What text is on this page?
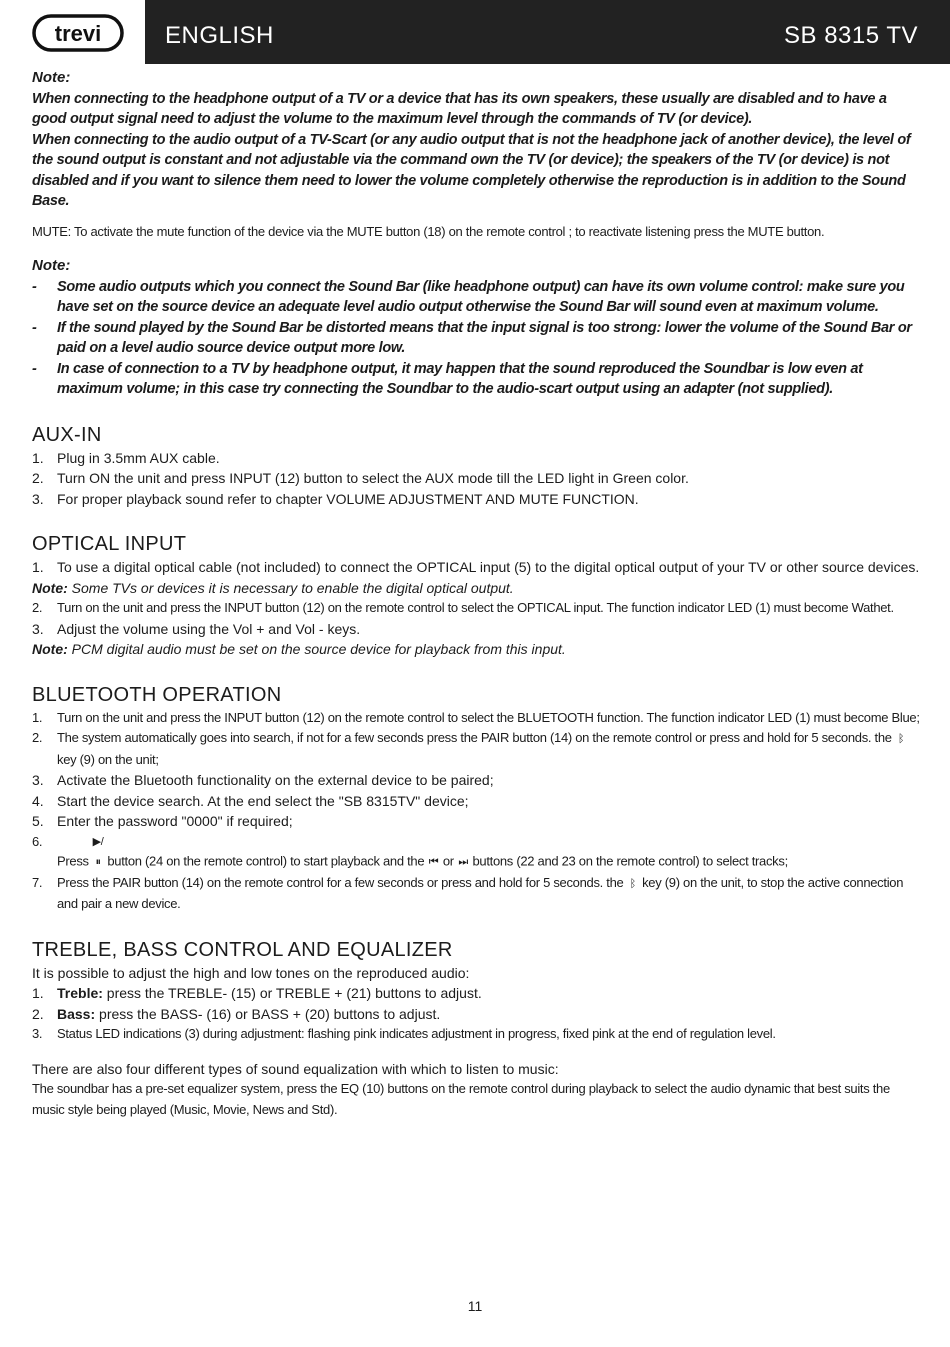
trevi	ENGLISH	SB 8315 TV

Note:

When connecting to the headphone output of a TV or a device that has its own speakers, these usually are disabled and to have a good output signal need to adjust the volume to the maximum level through the commands of TV (or device).

When connecting to the audio output of a TV-Scart (or any audio output that is not the headphone jack of another device), the level of the sound output is constant and not adjustable via the command own the TV (or device); the speakers of the TV (or device) is not disabled and if you want to silence them need to lower the volume completely otherwise the reproduction is in addition to the Sound Base.

MUTE: To activate the mute function of the device via the MUTE button (18) on the remote control ; to reactivate listening press the MUTE button.

Note:

- Some audio outputs which you connect the Sound Bar (like headphone output) can have its own volume control: make sure you have set on the source device an adequate level audio output otherwise the Sound Bar will sound even at maximum volume.
- If the sound played by the Sound Bar be distorted means that the input signal is too strong: lower the volume of the Sound Bar or paid on a level audio source device output more low.
- In case of connection to a TV by headphone output, it may happen that the sound reproduced the Soundbar is low even at maximum volume; in this case try connecting the Soundbar to the audio-scart output using an adapter (not supplied).
AUX-IN
1. Plug in 3.5mm AUX cable.
2. Turn ON the unit and press INPUT (12) button to select the AUX mode till the LED light in Green color.
3. For proper playback sound refer to chapter VOLUME ADJUSTMENT AND MUTE FUNCTION.
OPTICAL INPUT
1. To use a digital optical cable (not included) to connect the OPTICAL input (5) to the digital optical output of your TV or other source devices.

Note: Some TVs or devices it is necessary to enable the digital optical output.

2. Turn on the unit and press the INPUT button (12) on the remote control to select the OPTICAL input. The function indicator LED (1) must become Wathet.
3. Adjust the volume using the Vol + and Vol - keys.

Note: PCM digital audio must be set on the source device for playback from this input.

BLUETOOTH OPERATION
1. Turn on the unit and press the INPUT button (12) on the remote control to select the BLUETOOTH function. The function indicator LED (1) must become Blue;
2. The system automatically goes into search, if not for a few seconds press the PAIR button (14) on the remote control or press and hold for 5 seconds. the ᛒkey (9) on the unit;
3. Activate the Bluetooth functionality on the external device to be paired;
4. Start the device search. At the end select the "SB 8315TV" device;
5. Enter the password "0000" if required;
6.
Press ▶/⏸ button (24 on the remote control) to start playback and the ⏮ or ⏭ buttons (22 and 23 on the remote control) to select tracks;
7. Press the PAIR button (14) on the remote control for a few seconds or press and hold for 5 seconds. the ᛒ key (9) on the unit, to stop the active connection and pair a new device.
TREBLE, BASS CONTROL AND EQUALIZER

It is possible to adjust the high and low tones on the reproduced audio:

1. Treble: press the TREBLE- (15) or TREBLE + (21) buttons to adjust.
2. Bass: press the BASS- (16) or BASS + (20) buttons to adjust.
3. Status LED indications (3) during adjustment: flashing pink indicates adjustment in progress, fixed pink at the end of regulation level.

There are also four different types of sound equalization with which to listen to music:

The soundbar has a pre-set equalizer system, press the EQ (10) buttons on the remote control during playback to select the audio dynamic that best suits the music style being played (Music, Movie, News and Std).

11
